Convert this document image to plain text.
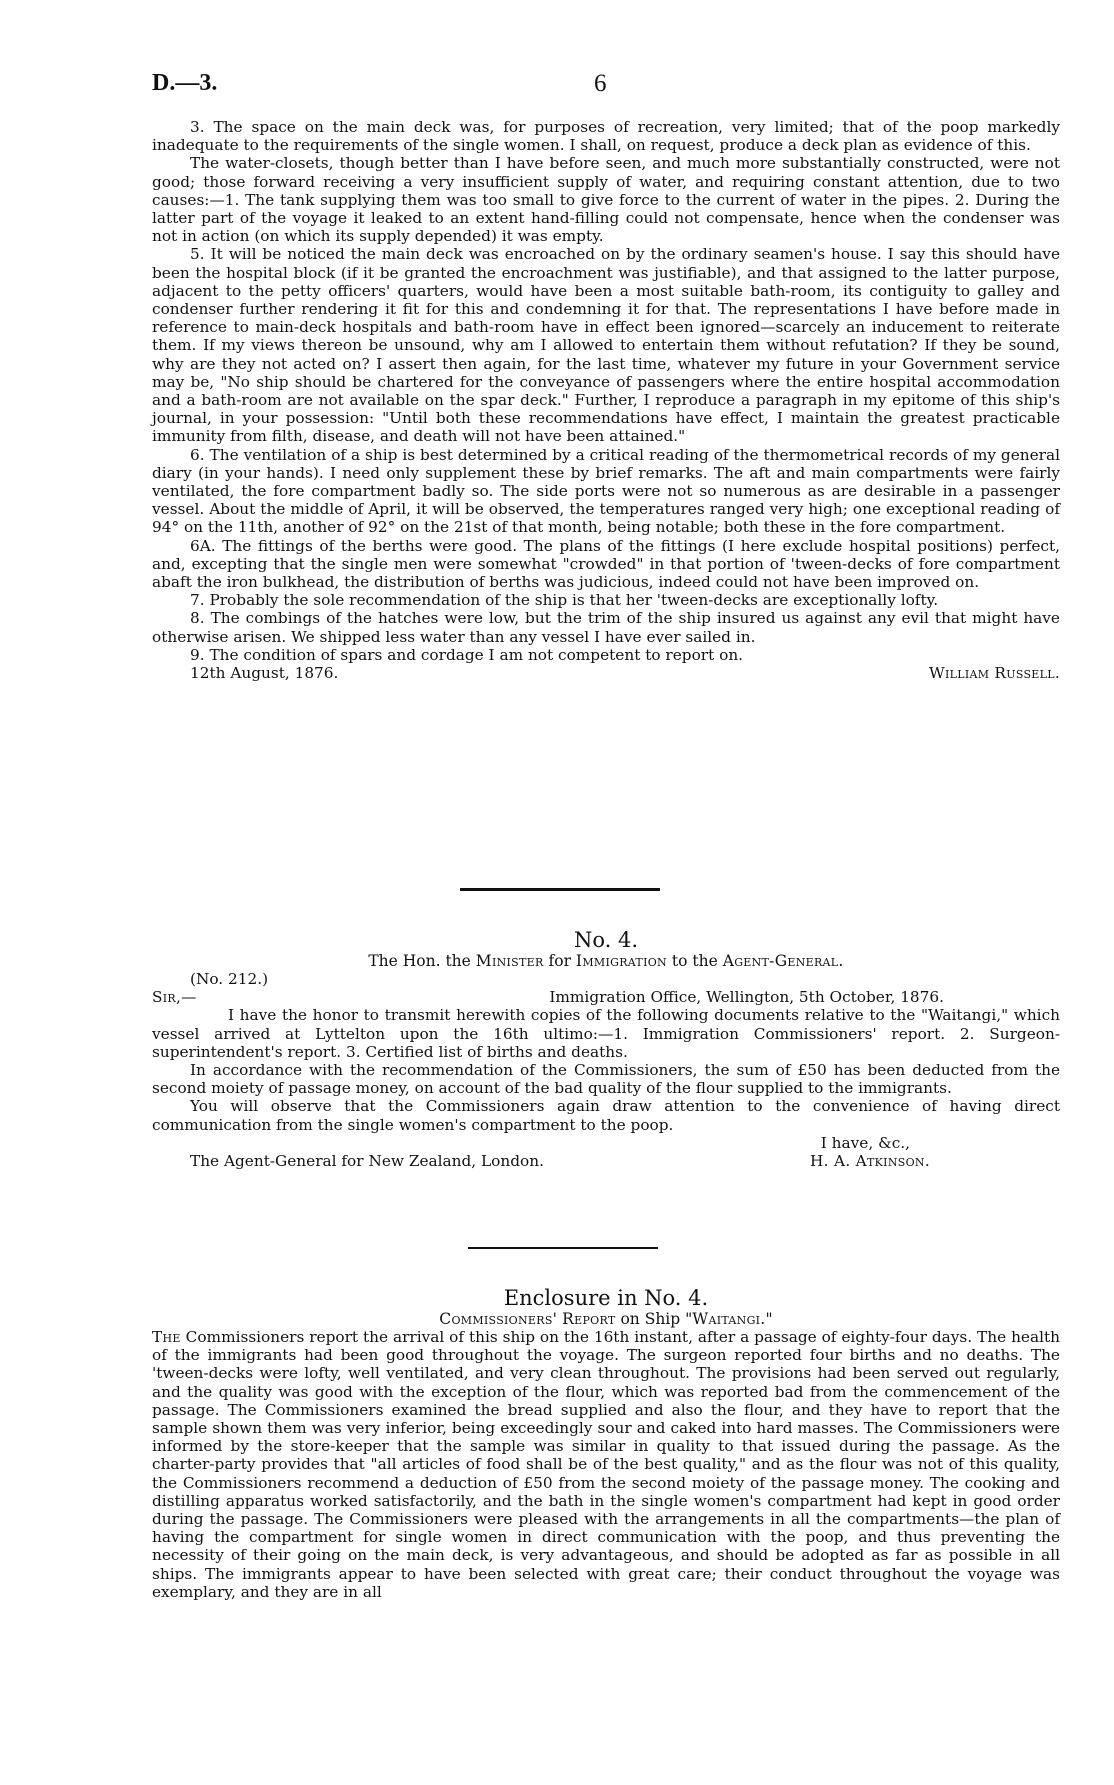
D.—3.	6

3. The space on the main deck was, for purposes of recreation, very limited; that of the poop markedly inadequate to the requirements of the single women. I shall, on request, produce a deck plan as evidence of this.

The water-closets, though better than I have before seen, and much more substantially constructed, were not good; those forward receiving a very insufficient supply of water, and requiring constant attention, due to two causes:—1. The tank supplying them was too small to give force to the current of water in the pipes. 2. During the latter part of the voyage it leaked to an extent hand-filling could not compensate, hence when the condenser was not in action (on which its supply depended) it was empty.

5. It will be noticed the main deck was encroached on by the ordinary seamen's house. I say this should have been the hospital block (if it be granted the encroachment was justifiable), and that assigned to the latter purpose, adjacent to the petty officers' quarters, would have been a most suitable bath-room, its contiguity to galley and condenser further rendering it fit for this and condemning it for that. The representations I have before made in reference to main-deck hospitals and bath-room have in effect been ignored—scarcely an inducement to reiterate them. If my views thereon be unsound, why am I allowed to entertain them without refutation? If they be sound, why are they not acted on? I assert then again, for the last time, whatever my future in your Government service may be, "No ship should be chartered for the conveyance of passengers where the entire hospital accommodation and a bath-room are not available on the spar deck." Further, I reproduce a paragraph in my epitome of this ship's journal, in your possession: "Until both these recommendations have effect, I maintain the greatest practicable immunity from filth, disease, and death will not have been attained."

6. The ventilation of a ship is best determined by a critical reading of the thermometrical records of my general diary (in your hands). I need only supplement these by brief remarks. The aft and main compartments were fairly ventilated, the fore compartment badly so. The side ports were not so numerous as are desirable in a passenger vessel. About the middle of April, it will be observed, the temperatures ranged very high; one exceptional reading of 94° on the 11th, another of 92° on the 21st of that month, being notable; both these in the fore compartment.

6A. The fittings of the berths were good. The plans of the fittings (I here exclude hospital positions) perfect, and, excepting that the single men were somewhat "crowded" in that portion of 'tween-decks of fore compartment abaft the iron bulkhead, the distribution of berths was judicious, indeed could not have been improved on.

7. Probably the sole recommendation of the ship is that her 'tween-decks are exceptionally lofty.

8. The combings of the hatches were low, but the trim of the ship insured us against any evil that might have otherwise arisen. We shipped less water than any vessel I have ever sailed in.

9. The condition of spars and cordage I am not competent to report on.

12th August, 1876.	William Russell.

No. 4.

The Hon. the Minister for Immigration to the Agent-General.

(No. 212.)

Sir,—	Immigration Office, Wellington, 5th October, 1876.

I have the honor to transmit herewith copies of the following documents relative to the "Waitangi," which vessel arrived at Lyttelton upon the 16th ultimo:—1. Immigration Commissioners' report. 2. Surgeon-superintendent's report. 3. Certified list of births and deaths.

In accordance with the recommendation of the Commissioners, the sum of £50 has been deducted from the second moiety of passage money, on account of the bad quality of the flour supplied to the immigrants.

You will observe that the Commissioners again draw attention to the convenience of having direct communication from the single women's compartment to the poop.

I have, &c.,

The Agent-General for New Zealand, London.	H. A. Atkinson.

Enclosure in No. 4.

Commissioners' Report on Ship "Waitangi."

The Commissioners report the arrival of this ship on the 16th instant, after a passage of eighty-four days. The health of the immigrants had been good throughout the voyage. The surgeon reported four births and no deaths. The 'tween-decks were lofty, well ventilated, and very clean throughout. The provisions had been served out regularly, and the quality was good with the exception of the flour, which was reported bad from the commencement of the passage. The Commissioners examined the bread supplied and also the flour, and they have to report that the sample shown them was very inferior, being exceedingly sour and caked into hard masses. The Commissioners were informed by the store-keeper that the sample was similar in quality to that issued during the passage. As the charter-party provides that "all articles of food shall be of the best quality," and as the flour was not of this quality, the Commissioners recommend a deduction of £50 from the second moiety of the passage money. The cooking and distilling apparatus worked satisfactorily, and the bath in the single women's compartment had kept in good order during the passage. The Commissioners were pleased with the arrangements in all the compartments—the plan of having the compartment for single women in direct communication with the poop, and thus preventing the necessity of their going on the main deck, is very advantageous, and should be adopted as far as possible in all ships. The immigrants appear to have been selected with great care; their conduct throughout the voyage was exemplary, and they are in all
